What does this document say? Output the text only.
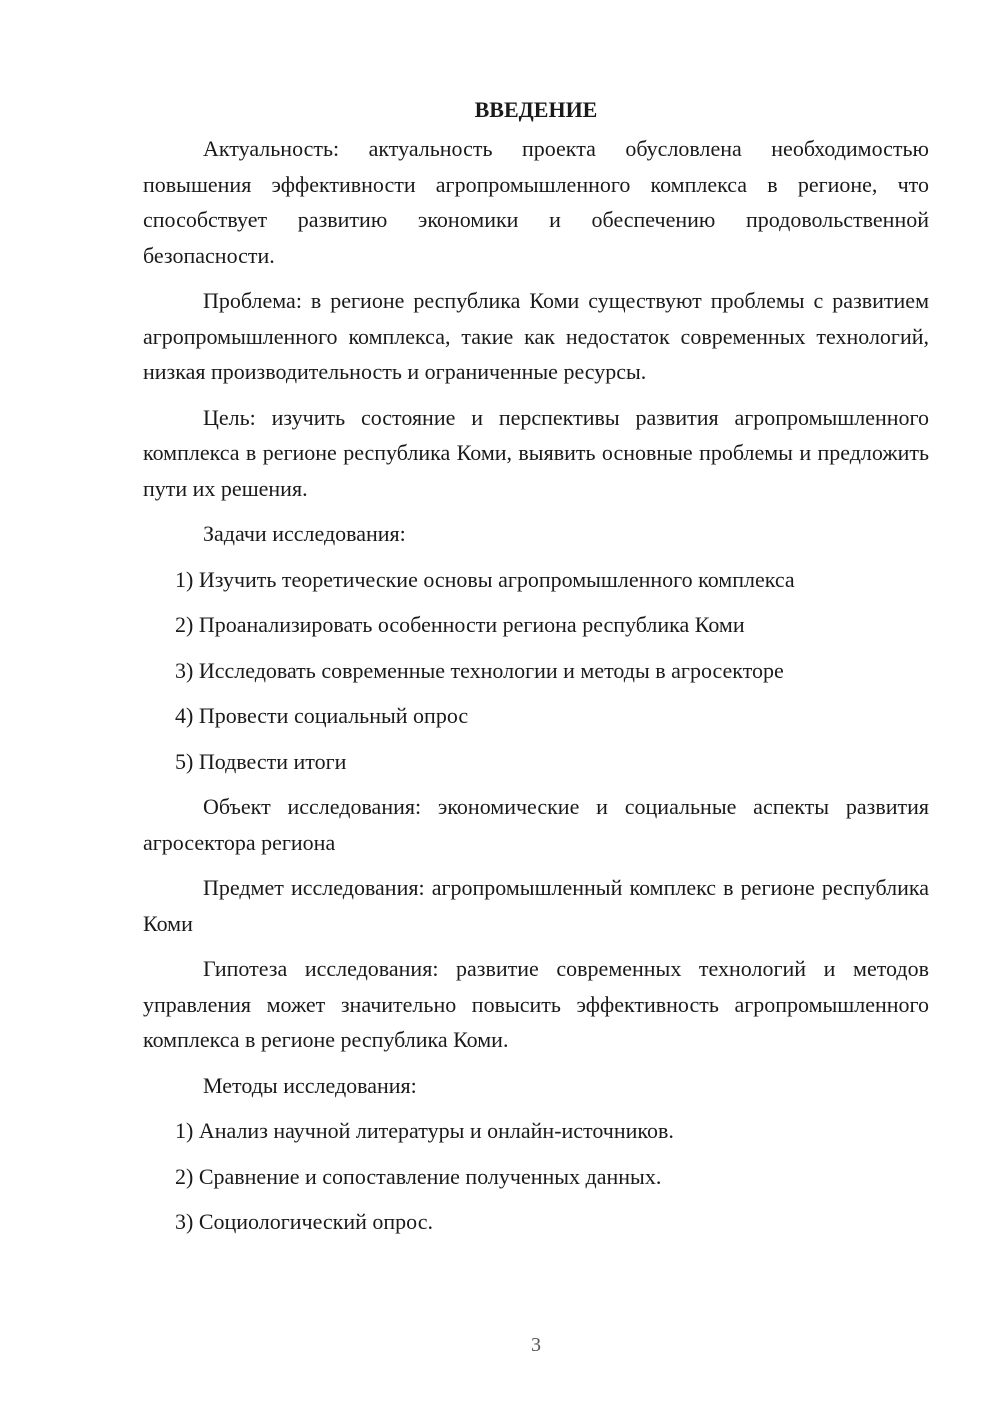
ВВЕДЕНИЕ

Актуальность: актуальность проекта обусловлена необходимостью повышения эффективности агропромышленного комплекса в регионе, что способствует развитию экономики и обеспечению продовольственной безопасности.

Проблема: в регионе республика Коми существуют проблемы с развитием агропромышленного комплекса, такие как недостаток современных технологий, низкая производительность и ограниченные ресурсы.

Цель: изучить состояние и перспективы развития агропромышленного комплекса в регионе республика Коми, выявить основные проблемы и предложить пути их решения.

Задачи исследования:

1) Изучить теоретические основы агропромышленного комплекса
2) Проанализировать особенности региона республика Коми
3) Исследовать современные технологии и методы в агросекторе
4) Провести социальный опрос
5) Подвести итоги

Объект исследования: экономические и социальные аспекты развития агросектора региона

Предмет исследования: агропромышленный комплекс в регионе республика Коми

Гипотеза исследования: развитие современных технологий и методов управления может значительно повысить эффективность агропромышленного комплекса в регионе республика Коми.

Методы исследования:

1) Анализ научной литературы и онлайн-источников.
2) Сравнение и сопоставление полученных данных.
3) Социологический опрос.
3
